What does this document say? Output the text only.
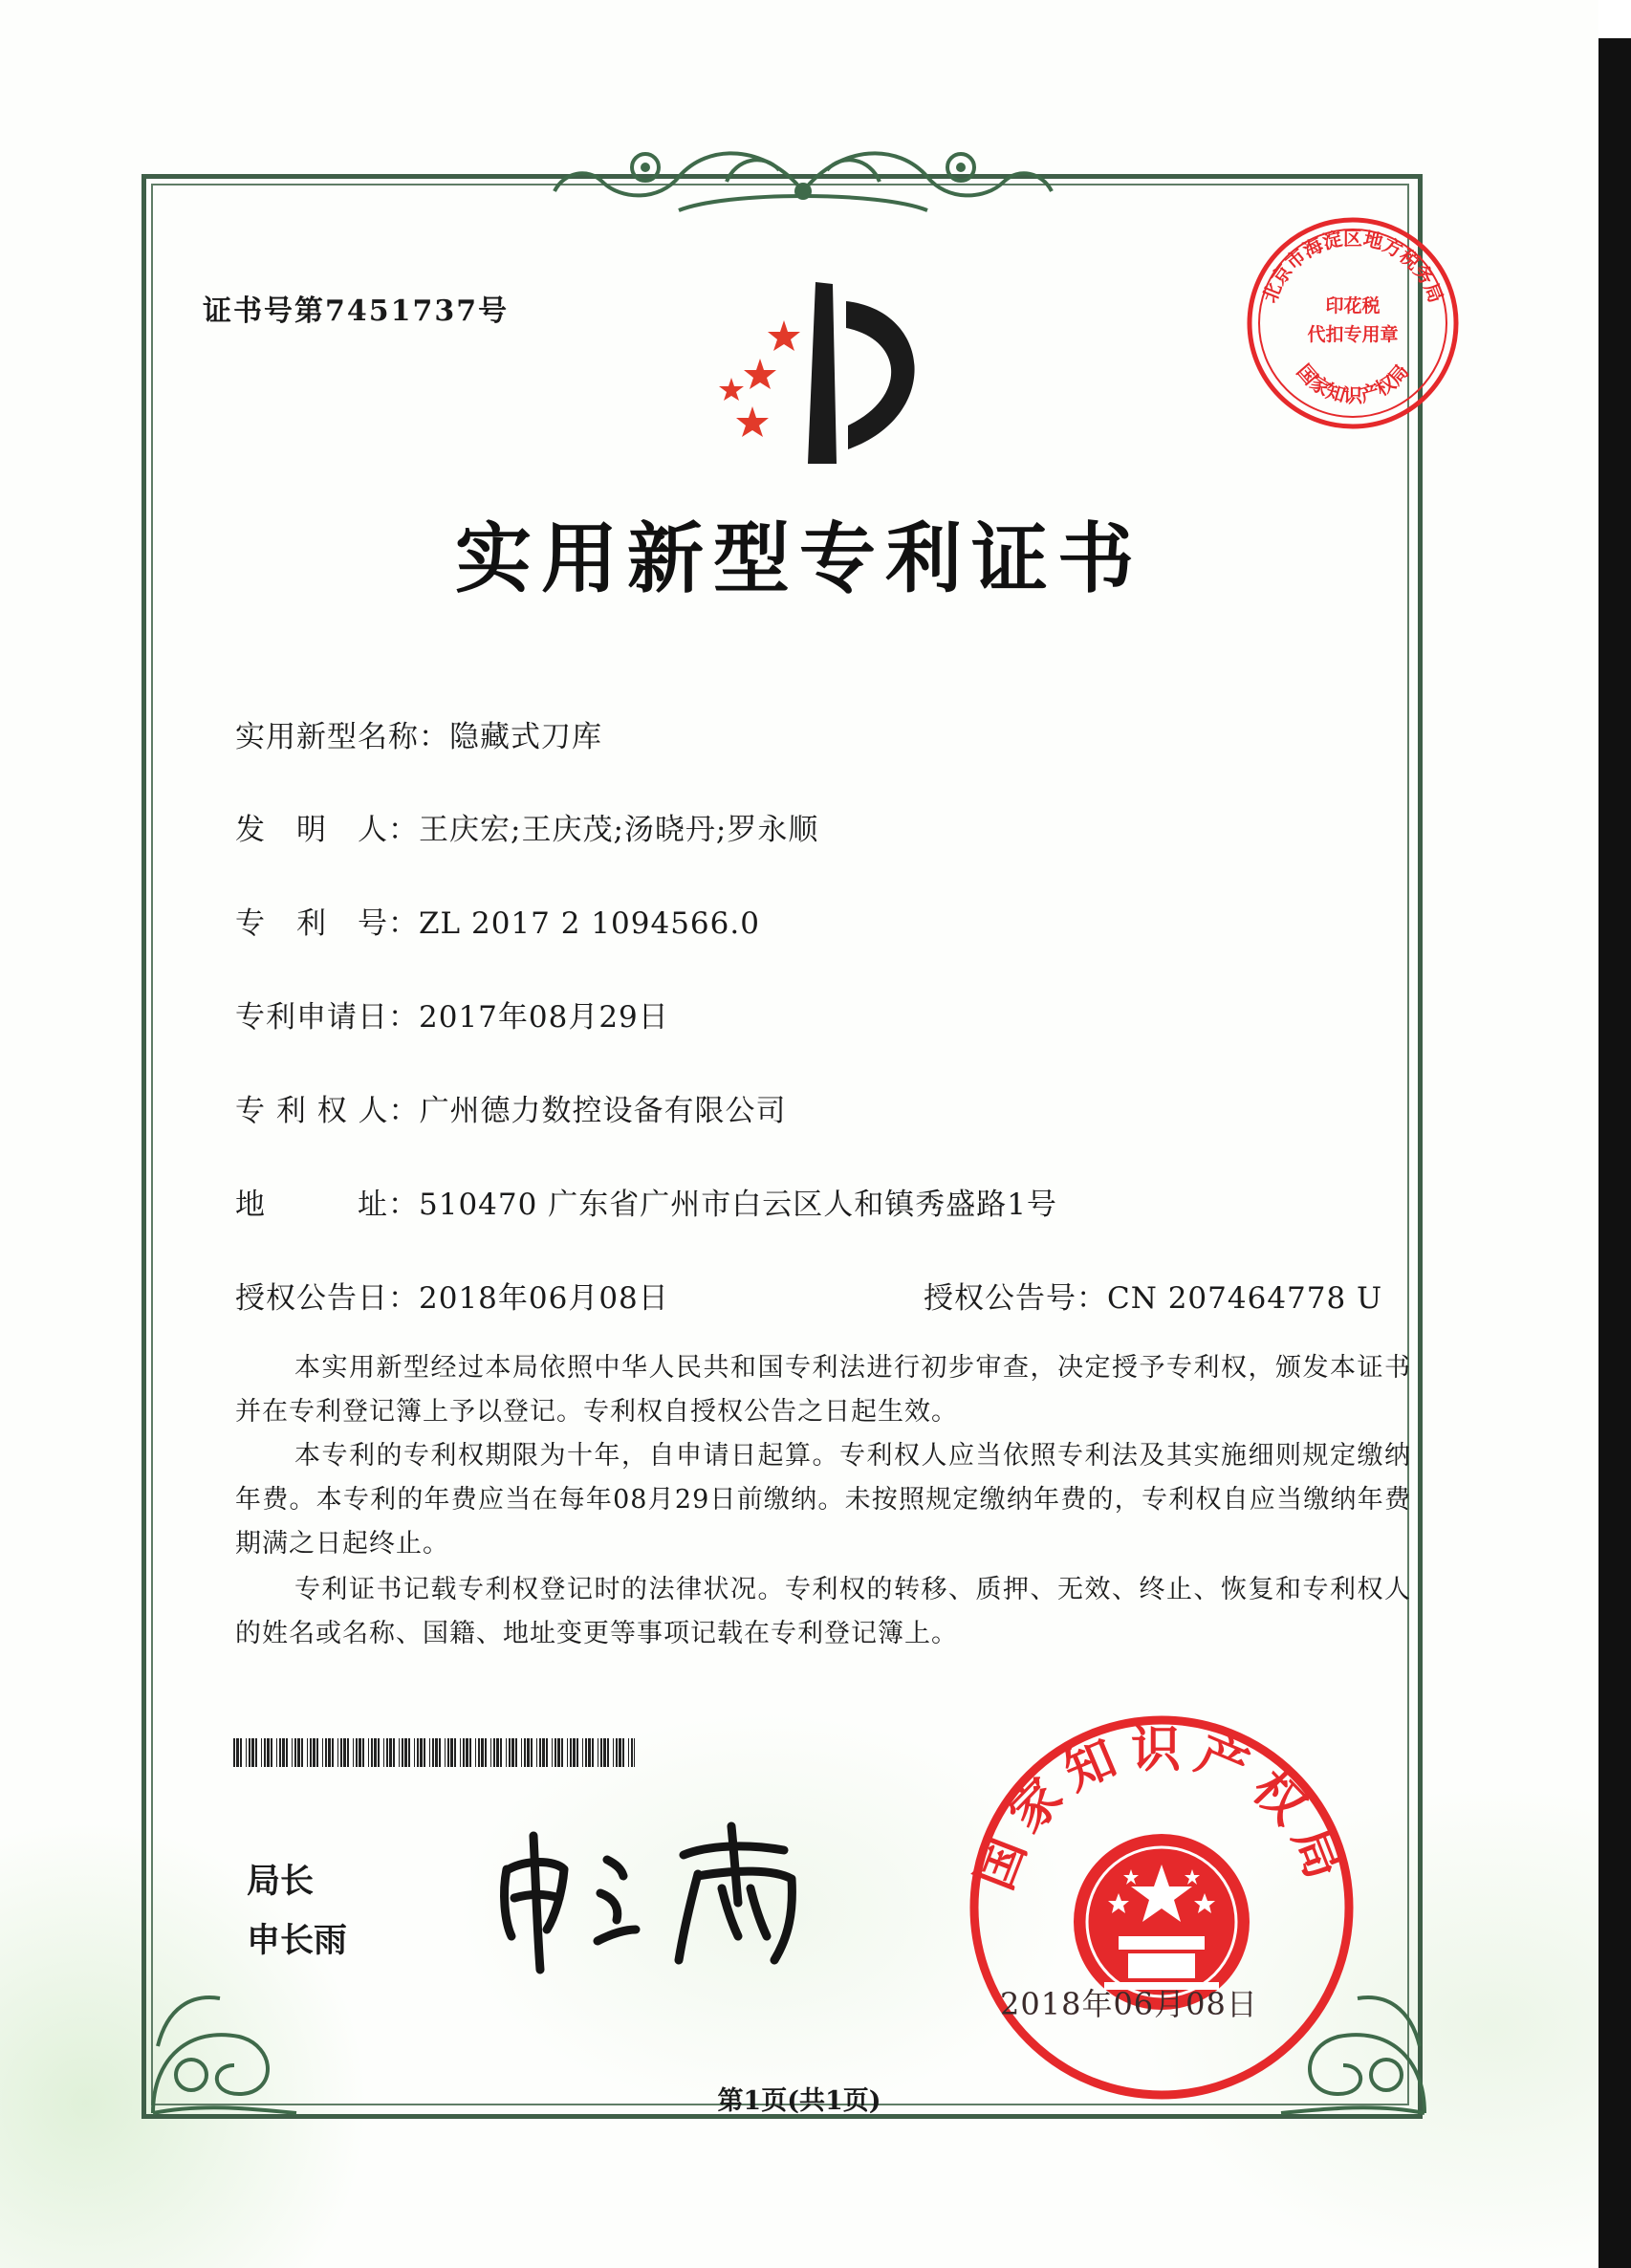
证书号第7451737号
北京市海淀区地方税务局
印花税
代扣专用章
国家知识产权局
实用新型专利证书
实用新型名称：隐藏式刀库
发　明　人：王庆宏;王庆茂;汤晓丹;罗永顺
专　利　号：ZL 2017 2 1094566.0
专利申请日：2017年08月29日
专 利 权 人：广州德力数控设备有限公司
地　　　址：510470 广东省广州市白云区人和镇秀盛路1号
授权公告日：2018年06月08日	授权公告号：CN 207464778 U
本实用新型经过本局依照中华人民共和国专利法进行初步审查，决定授予专利权，颁发本证书并在专利登记簿上予以登记。专利权自授权公告之日起生效。
本专利的专利权期限为十年，自申请日起算。专利权人应当依照专利法及其实施细则规定缴纳年费。本专利的年费应当在每年08月29日前缴纳。未按照规定缴纳年费的，专利权自应当缴纳年费期满之日起终止。
专利证书记载专利权登记时的法律状况。专利权的转移、质押、无效、终止、恢复和专利权人的姓名或名称、国籍、地址变更等事项记载在专利登记簿上。
局长
申长雨
国家知识产权局
2018年06月08日
第1页(共1页)
